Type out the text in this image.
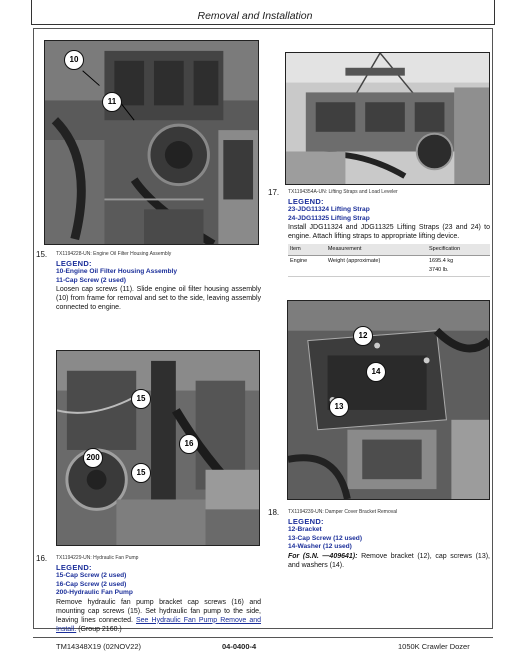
Removal and Installation
10
11
17. TX1194354A-UN: Lifting Straps and Load Leveler
LEGEND:
23-JDG11324 Lifting Strap
24-JDG11325 Lifting Strap
Install JDG11324 and JDG11325 Lifting Straps (23 and 24) to engine. Attach lifting straps to appropriate lifting device.
Item	Measurement	Specification
Engine	Weight (approximate)	1695.4 kg
3740 lb.
15. TX1194228-UN: Engine Oil Filter Housing Assembly
LEGEND:
10-Engine Oil Filter Housing Assembly
11-Cap Screw (2 used)
Loosen cap screws (11). Slide engine oil filter housing assembly (10) from frame for removal and set to the side, leaving assembly connected to engine.
15
16
200
15
12
14
13
18. TX1194239-UN: Damper Cover Bracket Removal
LEGEND:
12-Bracket
13-Cap Screw (12 used)
14-Washer (12 used)
For (S.N. —409641): Remove bracket (12), cap screws (13), and washers (14).
16. TX1194229-UN: Hydraulic Fan Pump
LEGEND:
15-Cap Screw (2 used)
16-Cap Screw (2 used)
200-Hydraulic Fan Pump
Remove hydraulic fan pump bracket cap screws (16) and mounting cap screws (15). Set hydraulic fan pump to the side, leaving lines connected. See Hydraulic Fan Pump Remove and Install. (Group 2160.)
TM14348X19 (02NOV22)	04-0400-4	1050K Crawler Dozer
